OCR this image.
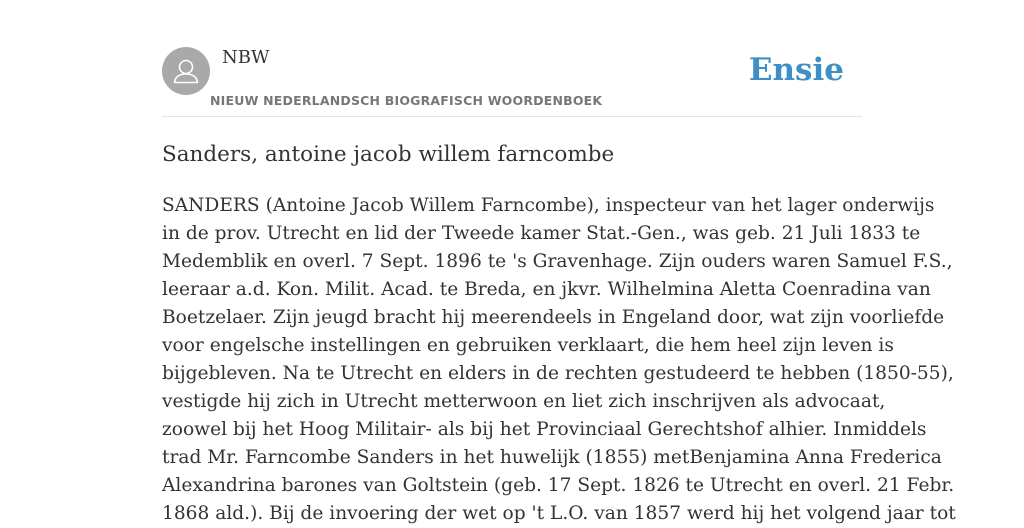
NBW
NIEUW NEDERLANDSCH BIOGRAFISCH WOORDENBOEK
Ensie
Sanders, antoine jacob willem farncombe
SANDERS (Antoine Jacob Willem Farncombe), inspecteur van het lager onderwijs
in de prov. Utrecht en lid der Tweede kamer Stat.-Gen., was geb. 21 Juli 1833 te
Medemblik en overl. 7 Sept. 1896 te 's Gravenhage. Zijn ouders waren Samuel F.S.,
leeraar a.d. Kon. Milit. Acad. te Breda, en jkvr. Wilhelmina Aletta Coenradina van
Boetzelaer. Zijn jeugd bracht hij meerendeels in Engeland door, wat zijn voorliefde
voor engelsche instellingen en gebruiken verklaart, die hem heel zijn leven is
bijgebleven. Na te Utrecht en elders in de rechten gestudeerd te hebben (1850-55),
vestigde hij zich in Utrecht metterwoon en liet zich inschrijven als advocaat,
zoowel bij het Hoog Militair- als bij het Provinciaal Gerechtshof alhier. Inmiddels
trad Mr. Farncombe Sanders in het huwelijk (1855) metBenjamina Anna Frederica
Alexandrina barones van Goltstein (geb. 17 Sept. 1826 te Utrecht en overl. 21 Febr.
1868 ald.). Bij de invoering der wet op 't L.O. van 1857 werd hij het volgend jaar tot
